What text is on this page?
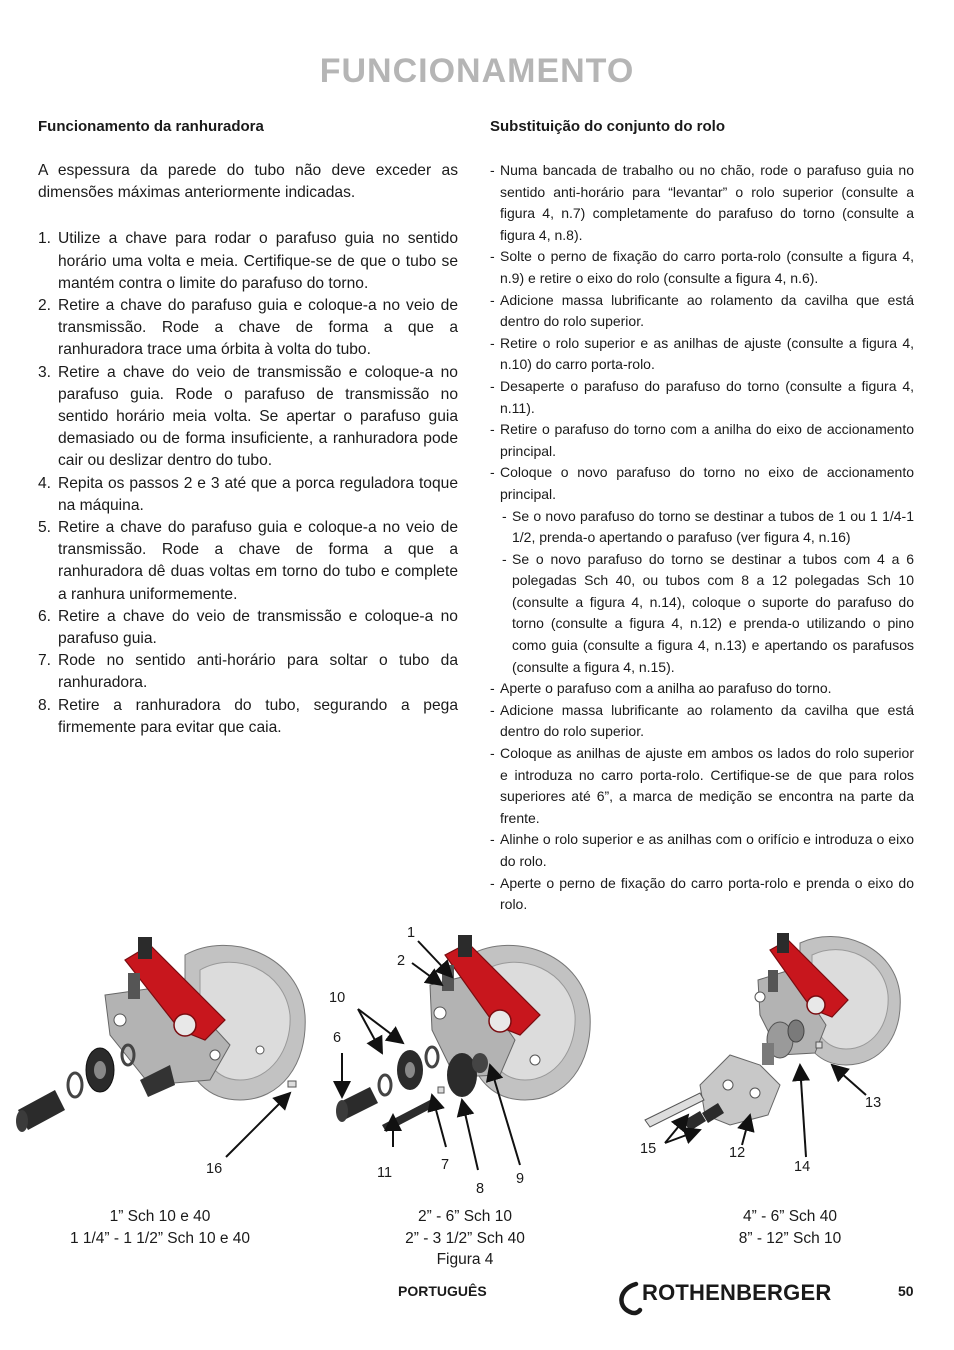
FUNCIONAMENTO
Funcionamento da ranhuradora

A espessura da parede do tubo não deve exceder as dimensões máximas anteriormente indicadas.

1. Utilize a chave para rodar o parafuso guia no sentido horário uma volta e meia. Certifique-se de que o tubo se mantém contra o limite do parafuso do torno.
2. Retire a chave do parafuso guia e coloque-a no veio de transmissão. Rode a chave de forma a que a ranhuradora trace uma órbita à volta do tubo.
3. Retire a chave do veio de transmissão e coloque-a no parafuso guia. Rode o parafuso de transmissão no sentido horário meia volta. Se apertar o parafuso guia demasiado ou de forma insuficiente, a ranhuradora pode cair ou deslizar dentro do tubo.
4. Repita os passos 2 e 3 até que a porca reguladora toque na máquina.
5. Retire a chave do parafuso guia e coloque-a no veio de transmissão. Rode a chave de forma a que a ranhuradora dê duas voltas em torno do tubo e complete a ranhura uniformemente.
6. Retire a chave do veio de transmissão e coloque-a no parafuso guia.
7. Rode no sentido anti-horário para soltar o tubo da ranhuradora.
8. Retire a ranhuradora do tubo, segurando a pega firmemente para evitar que caia.
Substituição do conjunto do rolo
- Numa bancada de trabalho ou no chão, rode o parafuso guia no sentido anti-horário para “levantar” o rolo superior (consulte a figura 4, n.7) completamente do parafuso do torno (consulte a figura 4, n.8).
- Solte o perno de fixação do carro porta-rolo (consulte a figura 4, n.9) e retire o eixo do rolo (consulte a figura 4, n.6).
- Adicione massa lubrificante ao rolamento da cavilha que está dentro do rolo superior.
- Retire o rolo superior e as anilhas de ajuste (consulte a figura 4, n.10) do carro porta-rolo.
- Desaperte o parafuso do parafuso do torno (consulte a figura 4, n.11).
- Retire o parafuso do torno com a anilha do eixo de accionamento principal.
- Coloque o novo parafuso do torno no eixo de accionamento principal.
- Se o novo parafuso do torno se destinar a tubos de 1 ou 1 1/4-1 1/2, prenda-o apertando o parafuso (ver figura 4, n.16)
- Se o novo parafuso do torno se destinar a tubos com 4 a 6 polegadas Sch 40, ou tubos com 8 a 12 polegadas Sch 10 (consulte a figura 4, n.14), coloque o suporte do parafuso do torno (consulte a figura 4, n.12) e prenda-o utilizando o pino como guia (consulte a figura 4, n.13) e apertando os parafusos (consulte a figura 4, n.15).
- Aperte o parafuso com a anilha ao parafuso do torno.
- Adicione massa lubrificante ao rolamento da cavilha que está dentro do rolo superior.
- Coloque as anilhas de ajuste em ambos os lados do rolo superior e introduza no carro porta-rolo. Certifique-se de que para rolos superiores até 6”, a marca de medição se encontra na parte da frente.
- Alinhe o rolo superior e as anilhas com o orifício e introduza o eixo do rolo.
- Aperte o perno de fixação do carro porta-rolo e prenda o eixo do rolo.
1
2
10
6
16	11	7
8
9
15	12
14
13
1” Sch 10 e 40
1 1/4” - 1 1/2” Sch 10 e 40
2” - 6” Sch 10
2” - 3 1/2” Sch 40
Figura 4
4” - 6” Sch 40
8” - 12” Sch 10
PORTUGUÊS	ROTHENBERGER	50
